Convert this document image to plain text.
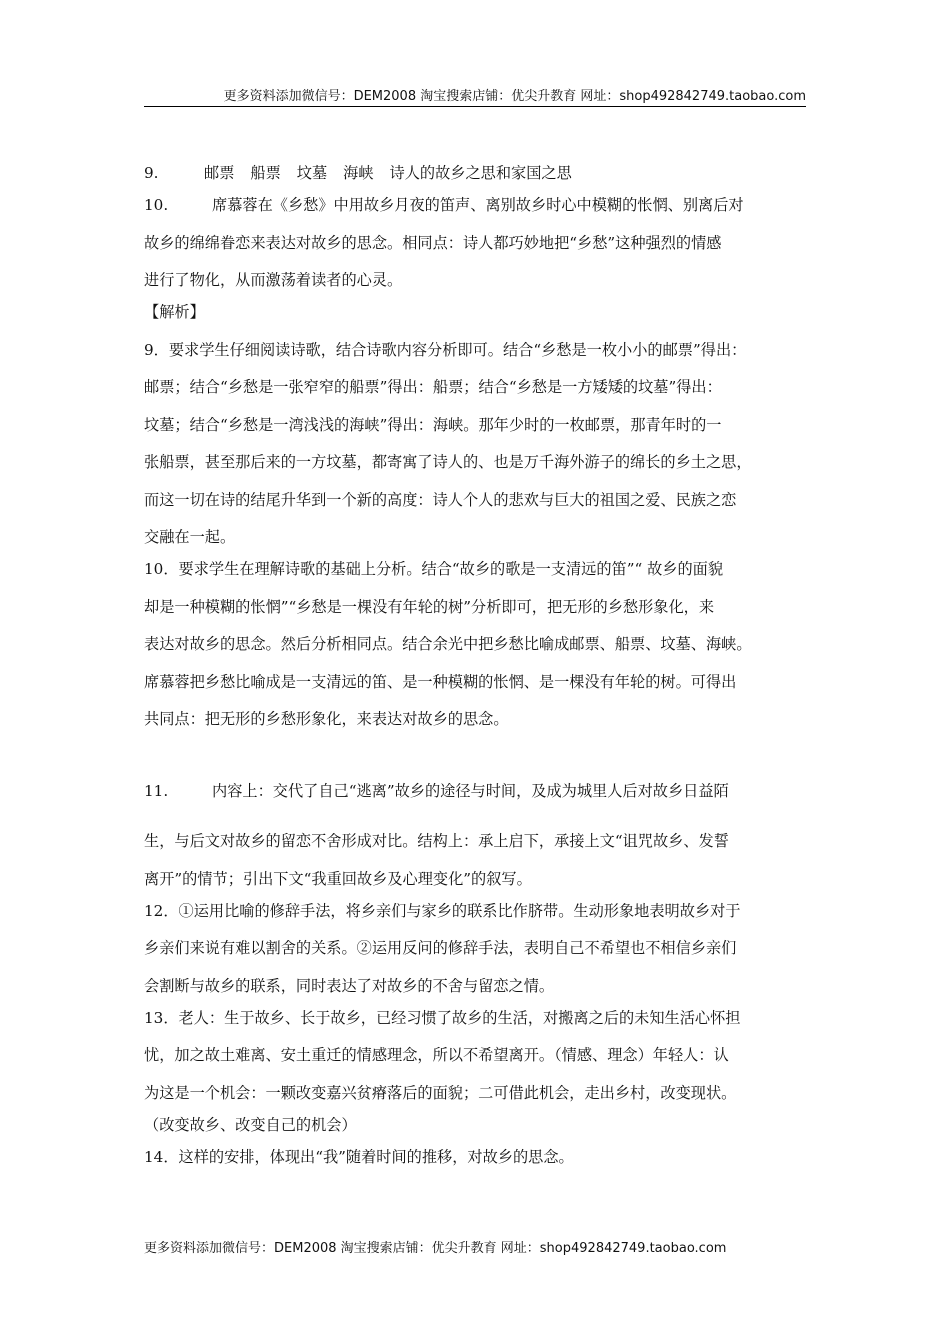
更多资料添加微信号：DEM2008 淘宝搜索店铺：优尖升教育 网址：shop492842749.taobao.com
9.	邮票 船票 坟墓 海峡 诗人的故乡之思和家国之思
10.	席慕蓉在《乡愁》中用故乡月夜的笛声、离别故乡时心中模糊的怅惘、别离后对
故乡的绵绵眷恋来表达对故乡的思念。相同点：诗人都巧妙地把“乡愁”这种强烈的情感
进行了物化，从而激荡着读者的心灵。
【解析】
9．要求学生仔细阅读诗歌，结合诗歌内容分析即可。结合“乡愁是一枚小小的邮票”得出：
邮票；结合“乡愁是一张窄窄的船票”得出：船票；结合“乡愁是一方矮矮的坟墓”得出：
坟墓；结合“乡愁是一湾浅浅的海峡”得出：海峡。那年少时的一枚邮票，那青年时的一
张船票，甚至那后来的一方坟墓，都寄寓了诗人的、也是万千海外游子的绵长的乡土之思，
而这一切在诗的结尾升华到一个新的高度：诗人个人的悲欢与巨大的祖国之爱、民族之恋
交融在一起。
10．要求学生在理解诗歌的基础上分析。结合“故乡的歌是一支清远的笛”“ 故乡的面貌
却是一种模糊的怅惘”“乡愁是一棵没有年轮的树”分析即可，把无形的乡愁形象化，来
表达对故乡的思念。然后分析相同点。结合余光中把乡愁比喻成邮票、船票、坟墓、海峡。
席慕蓉把乡愁比喻成是一支清远的笛、是一种模糊的怅惘、是一棵没有年轮的树。可得出
共同点：把无形的乡愁形象化，来表达对故乡的思念。
11.	内容上：交代了自己“逃离”故乡的途径与时间，及成为城里人后对故乡日益陌
生，与后文对故乡的留恋不舍形成对比。结构上：承上启下，承接上文“诅咒故乡、发誓
离开”的情节；引出下文“我重回故乡及心理变化”的叙写。
12．①运用比喻的修辞手法，将乡亲们与家乡的联系比作脐带。生动形象地表明故乡对于
乡亲们来说有难以割舍的关系。②运用反问的修辞手法，表明自己不希望也不相信乡亲们
会割断与故乡的联系，同时表达了对故乡的不舍与留恋之情。
13．老人：生于故乡、长于故乡，已经习惯了故乡的生活，对搬离之后的未知生活心怀担
忧，加之故土难离、安土重迁的情感理念，所以不希望离开。（情感、理念）年轻人：认
为这是一个机会：一颗改变嘉兴贫瘠落后的面貌；二可借此机会，走出乡村，改变现状。
（改变故乡、改变自己的机会）
14．这样的安排，体现出“我”随着时间的推移，对故乡的思念。
更多资料添加微信号：DEM2008 淘宝搜索店铺：优尖升教育 网址：shop492842749.taobao.com
